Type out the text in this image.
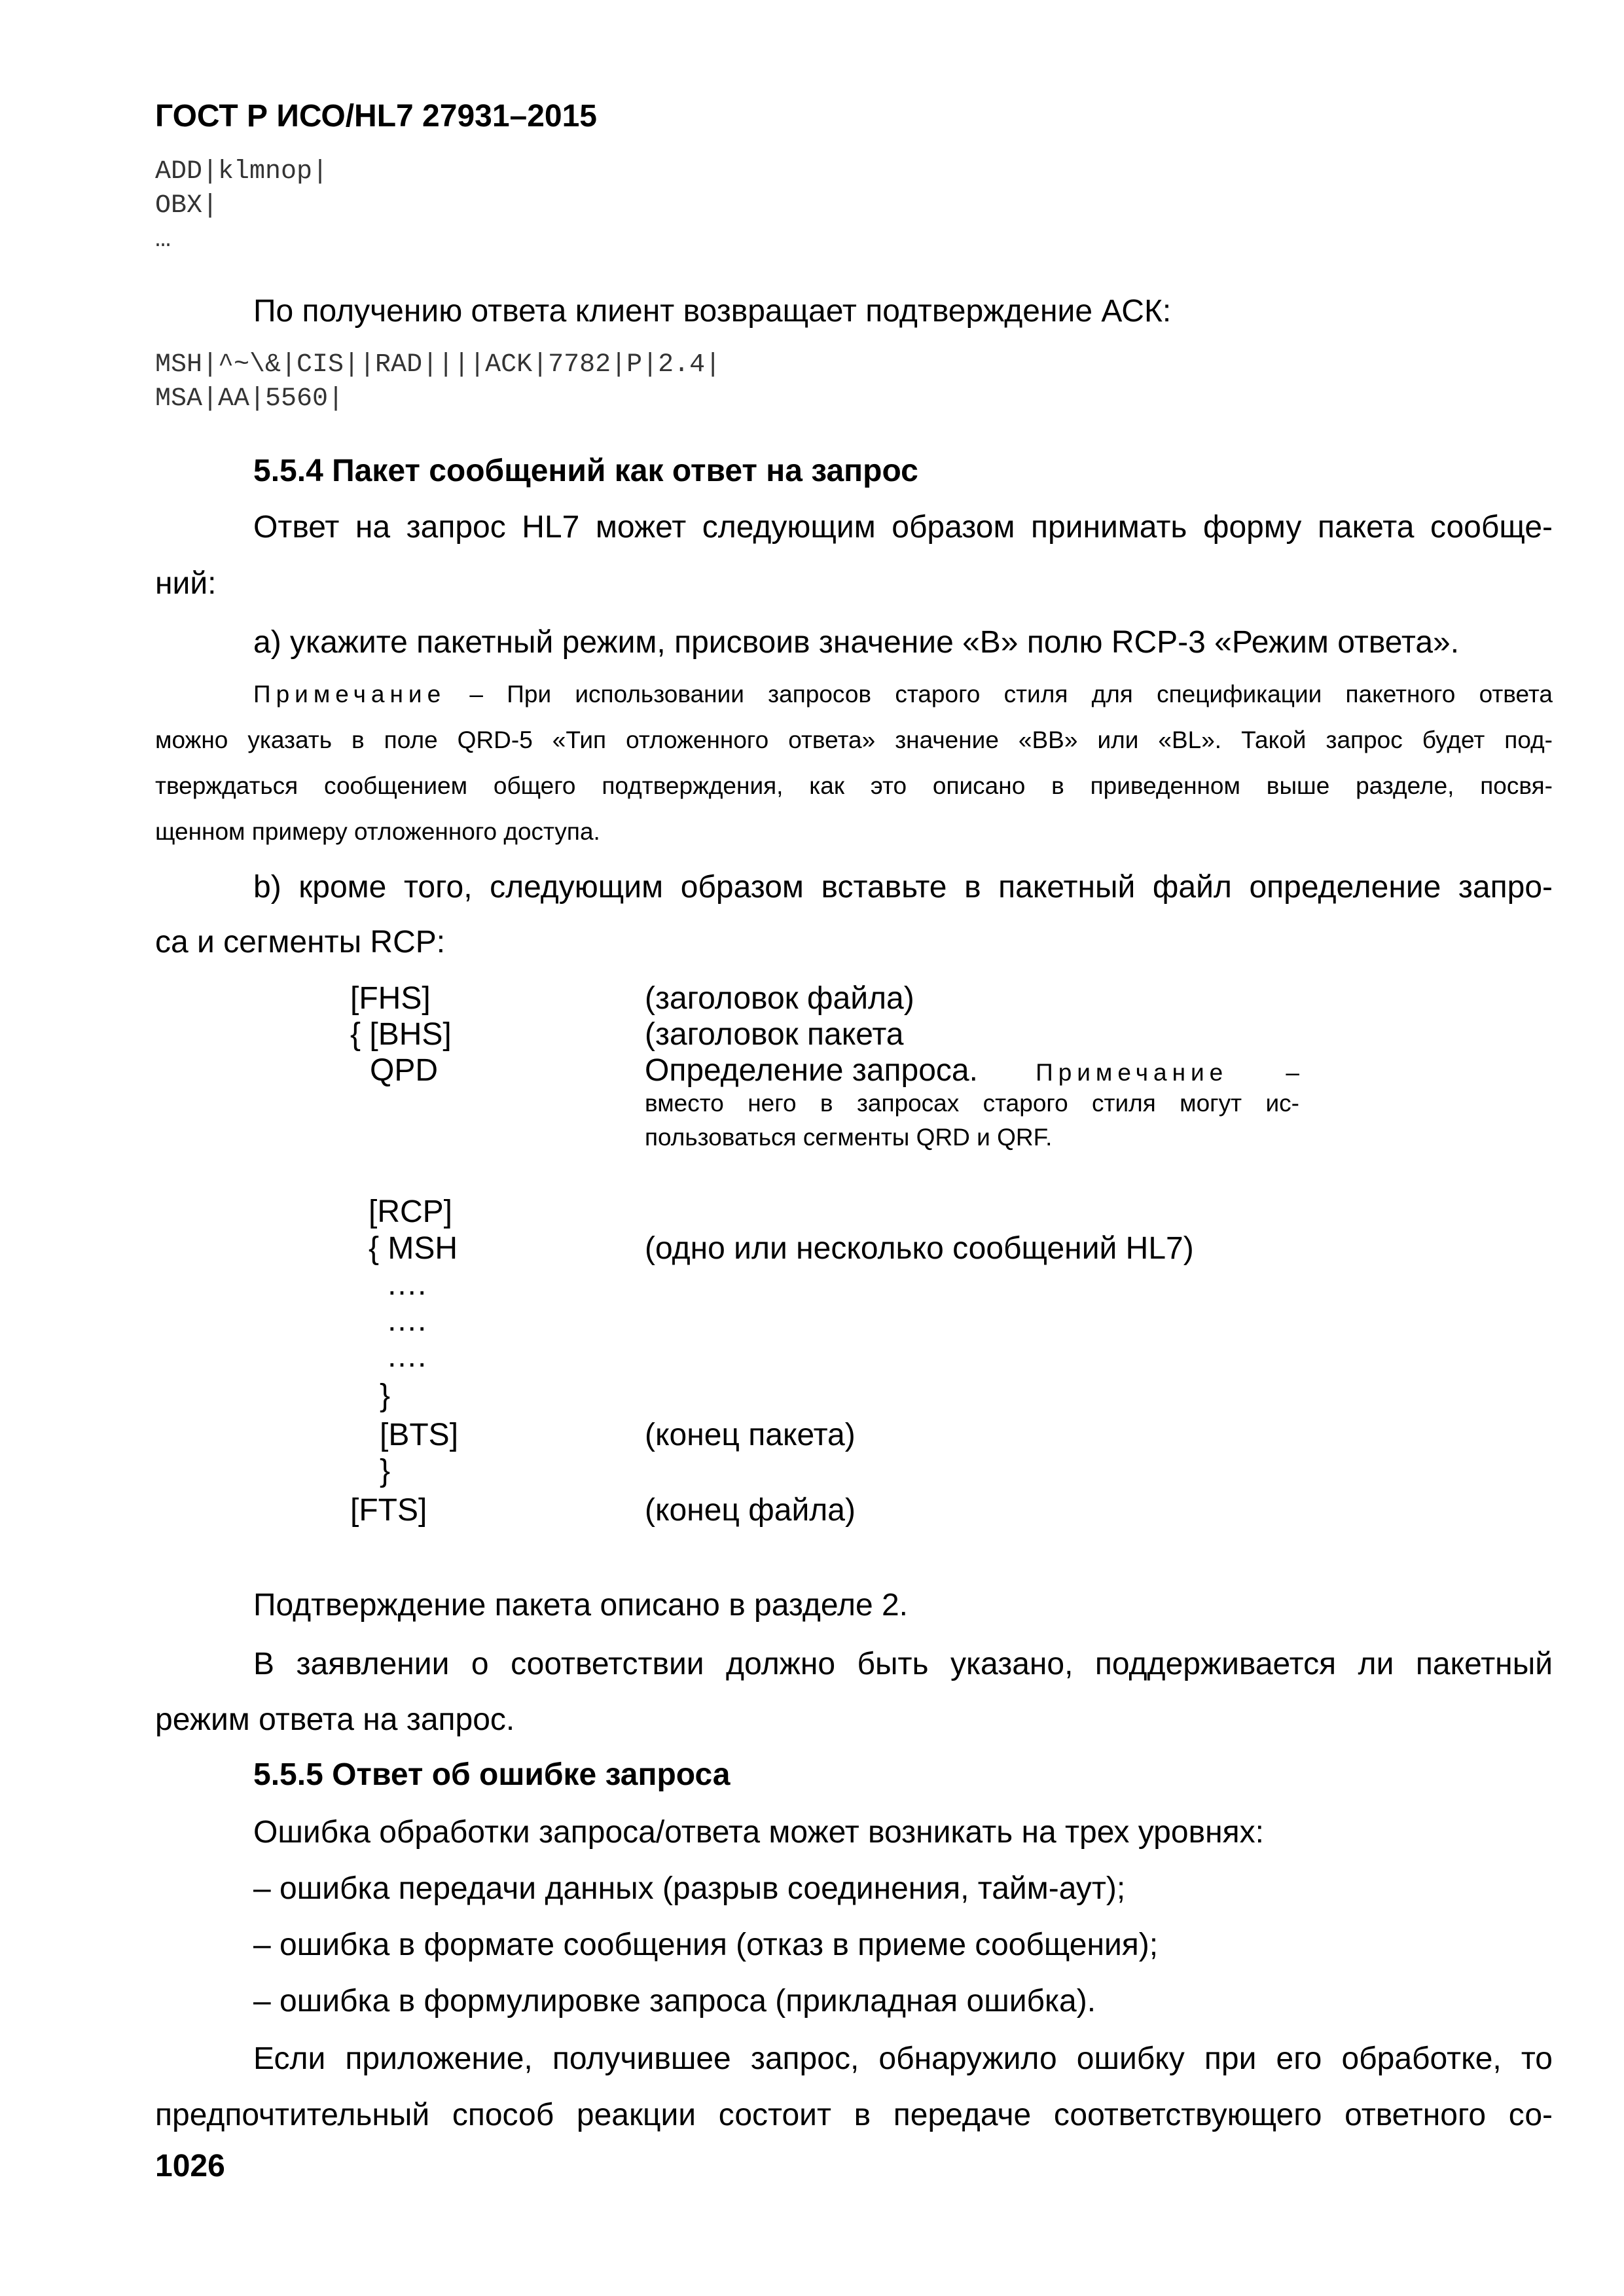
ГОСТ Р ИСО/HL7 27931–2015
ADD|klmnop|
OBX|
…
По получению ответа клиент возвращает подтверждение АСК:
MSH|^~\&|CIS||RAD||||ACK|7782|P|2.4|
MSA|AA|5560|
5.5.4 Пакет сообщений как ответ на запрос
Ответ на запрос HL7 может следующим образом принимать форму пакета сообще-
ний:
а) укажите пакетный режим, присвоив значение «B» полю RCP-3 «Режим ответа».
Примечание – При использовании запросов старого стиля для спецификации пакетного ответа
можно указать в поле QRD-5 «Тип отложенного ответа» значение «BB» или «BL». Такой запрос будет под-
тверждаться сообщением общего подтверждения, как это описано в приведенном выше разделе, посвя-
щенном примеру отложенного доступа.
b) кроме того, следующим образом вставьте в пакетный файл определение запро-
са и сегменты RCP:
[FHS]	(заголовок файла)
{ [BHS]	(заголовок пакета
QPD	Определение запроса. Примечание –
вместо него в запросах старого стиля могут ис-
пользоваться сегменты QRD и QRF.
[RCP]
{ MSH	(одно или несколько сообщений HL7)
….
….
….
}
[BTS]	(конец пакета)
}
[FTS]	(конец файла)
Подтверждение пакета описано в разделе 2.
В заявлении о соответствии должно быть указано, поддерживается ли пакетный
режим ответа на запрос.
5.5.5 Ответ об ошибке запроса
Ошибка обработки запроса/ответа может возникать на трех уровнях:
– ошибка передачи данных (разрыв соединения, тайм-аут);
– ошибка в формате сообщения (отказ в приеме сообщения);
– ошибка в формулировке запроса (прикладная ошибка).
Если приложение, получившее запрос, обнаружило ошибку при его обработке, то
предпочтительный способ реакции состоит в передаче соответствующего ответного со-
1026
